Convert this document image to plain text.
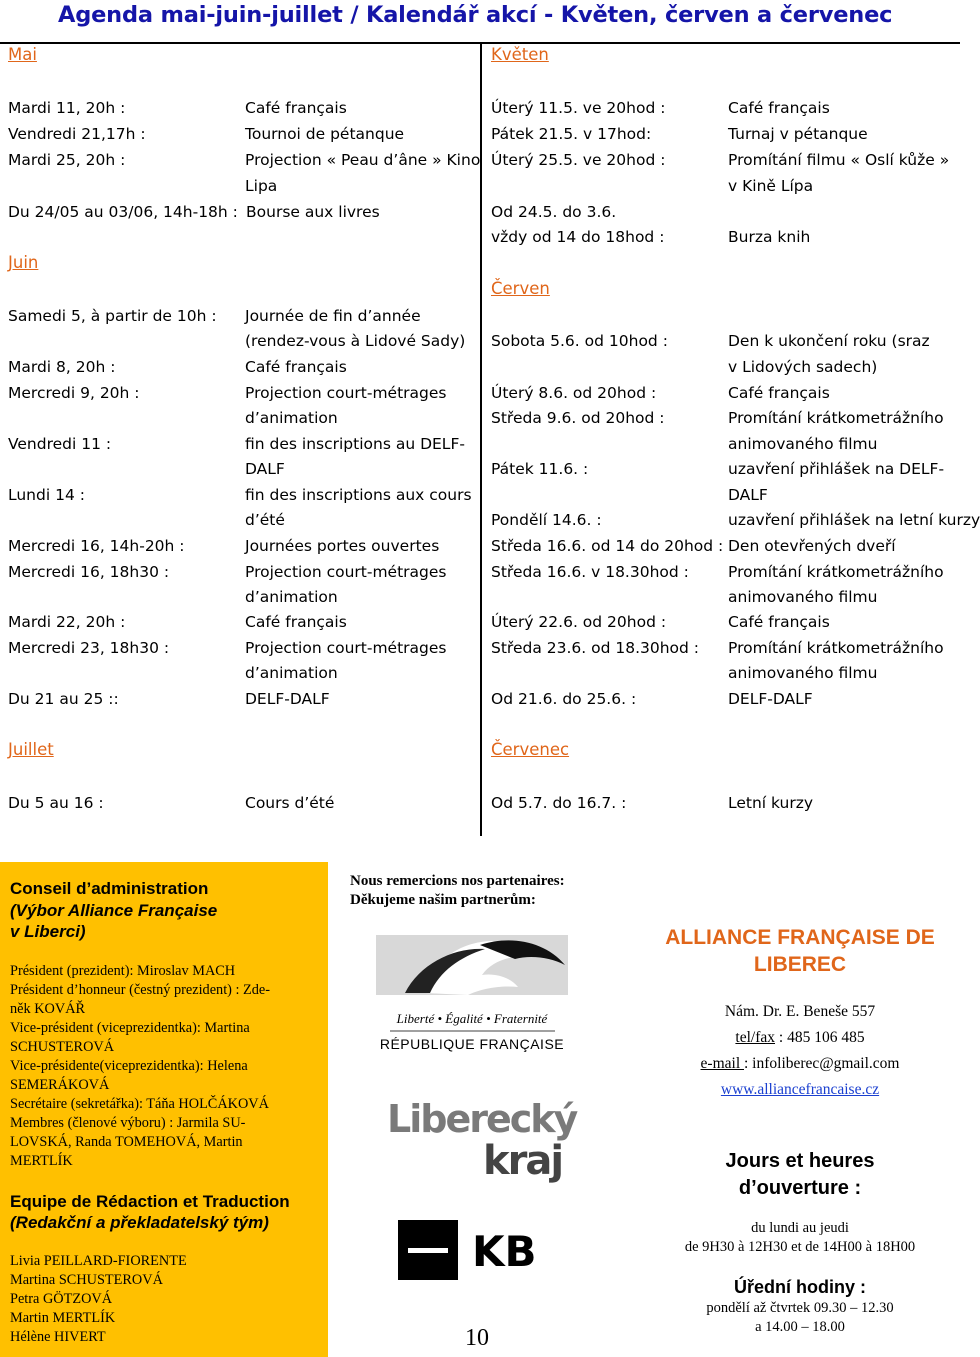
Agenda mai-juin-juillet / Kalendář akcí - Květen, červen a červenec
Mai
Mardi 11, 20h :	Café français
Vendredi 21,17h :	Tournoi de pétanque
Mardi 25, 20h :	Projection « Peau d’âne » Kino
Lipa
Du 24/05 au 03/06, 14h-18h : Bourse aux livres
Juin
Samedi 5, à partir de 10h : Journée de fin d’année
(rendez-vous à Lidové Sady)
Mardi 8, 20h :	Café français
Mercredi 9, 20h :	Projection court-métrages
d’animation
Vendredi 11 :	fin des inscriptions au DELF-
DALF
Lundi 14 :	fin des inscriptions aux cours
d’été
Mercredi 16, 14h-20h :	Journées portes ouvertes
Mercredi 16, 18h30 :	Projection court-métrages
d’animation
Mardi 22, 20h :	Café français
Mercredi 23, 18h30 :	Projection court-métrages
d’animation
Du 21 au 25 ::	DELF-DALF
Juillet
Du 5 au 16 :	Cours d’été
Květen
Úterý 11.5. ve 20hod :	Café français
Pátek 21.5. v 17hod:	Turnaj v pétanque
Úterý 25.5. ve 20hod :	Promítání filmu « Oslí kůže »
v Kině Lípa
Od 24.5. do 3.6.
vždy od 14 do 18hod :	Burza knih
Červen
Sobota 5.6. od 10hod :	Den k ukončení roku (sraz
v Lidových sadech)
Úterý 8.6. od 20hod :	Café français
Středa 9.6. od 20hod :	Promítání krátkometrážního
animovaného filmu
Pátek 11.6. :	uzavření přihlášek na DELF-
DALF
Pondělí 14.6. :	uzavření přihlášek na letní kurzy
Středa 16.6. od 14 do 20hod : Den otevřených dveří
Středa 16.6. v 18.30hod :	Promítání krátkometrážního
animovaného filmu
Úterý 22.6. od 20hod :	Café français
Středa 23.6. od 18.30hod : Promítání krátkometrážního
animovaného filmu
Od 21.6. do 25.6. :	DELF-DALF
Červenec
Od 5.7. do 16.7. :	Letní kurzy
Conseil d’administration
(Výbor Alliance Française
v Liberci)
Président (prezident): Miroslav MACH
Président d’honneur (čestný prezident) : Zde-
něk KOVÁŘ
Vice-président (viceprezidentka): Martina
SCHUSTEROVÁ
Vice-présidente(viceprezidentka): Helena
SEMERÁKOVÁ
Secrétaire (sekretářka): Táňa HOLČÁKOVÁ
Membres (členové výboru) : Jarmila SU-
LOVSKÁ, Randa TOMEHOVÁ, Martin
MERTLÍK
Equipe de Rédaction et Traduction
(Redakční a překladatelský tým)
Livia PEILLARD-FIORENTE
Martina SCHUSTEROVÁ
Petra GÖTZOVÁ
Martin MERTLÍK
Hélène HIVERT
Nous remercions nos partenaires:
Děkujeme našim partnerům:
Liberté • Égalité • Fraternité
RÉPUBLIQUE FRANÇAISE
Liberecký
kraj
KB
10
ALLIANCE FRANÇAISE DE
LIBEREC
Nám. Dr. E. Beneše 557
tel/fax : 485 106 485
e-mail : infoliberec@gmail.com
www.alliancefrancaise.cz
Jours et heures
d’ouverture :
du lundi au jeudi
de 9H30 à 12H30 et de 14H00 à 18H00
Úřední hodiny :
pondělí až čtvrtek 09.30 – 12.30
a 14.00 – 18.00
